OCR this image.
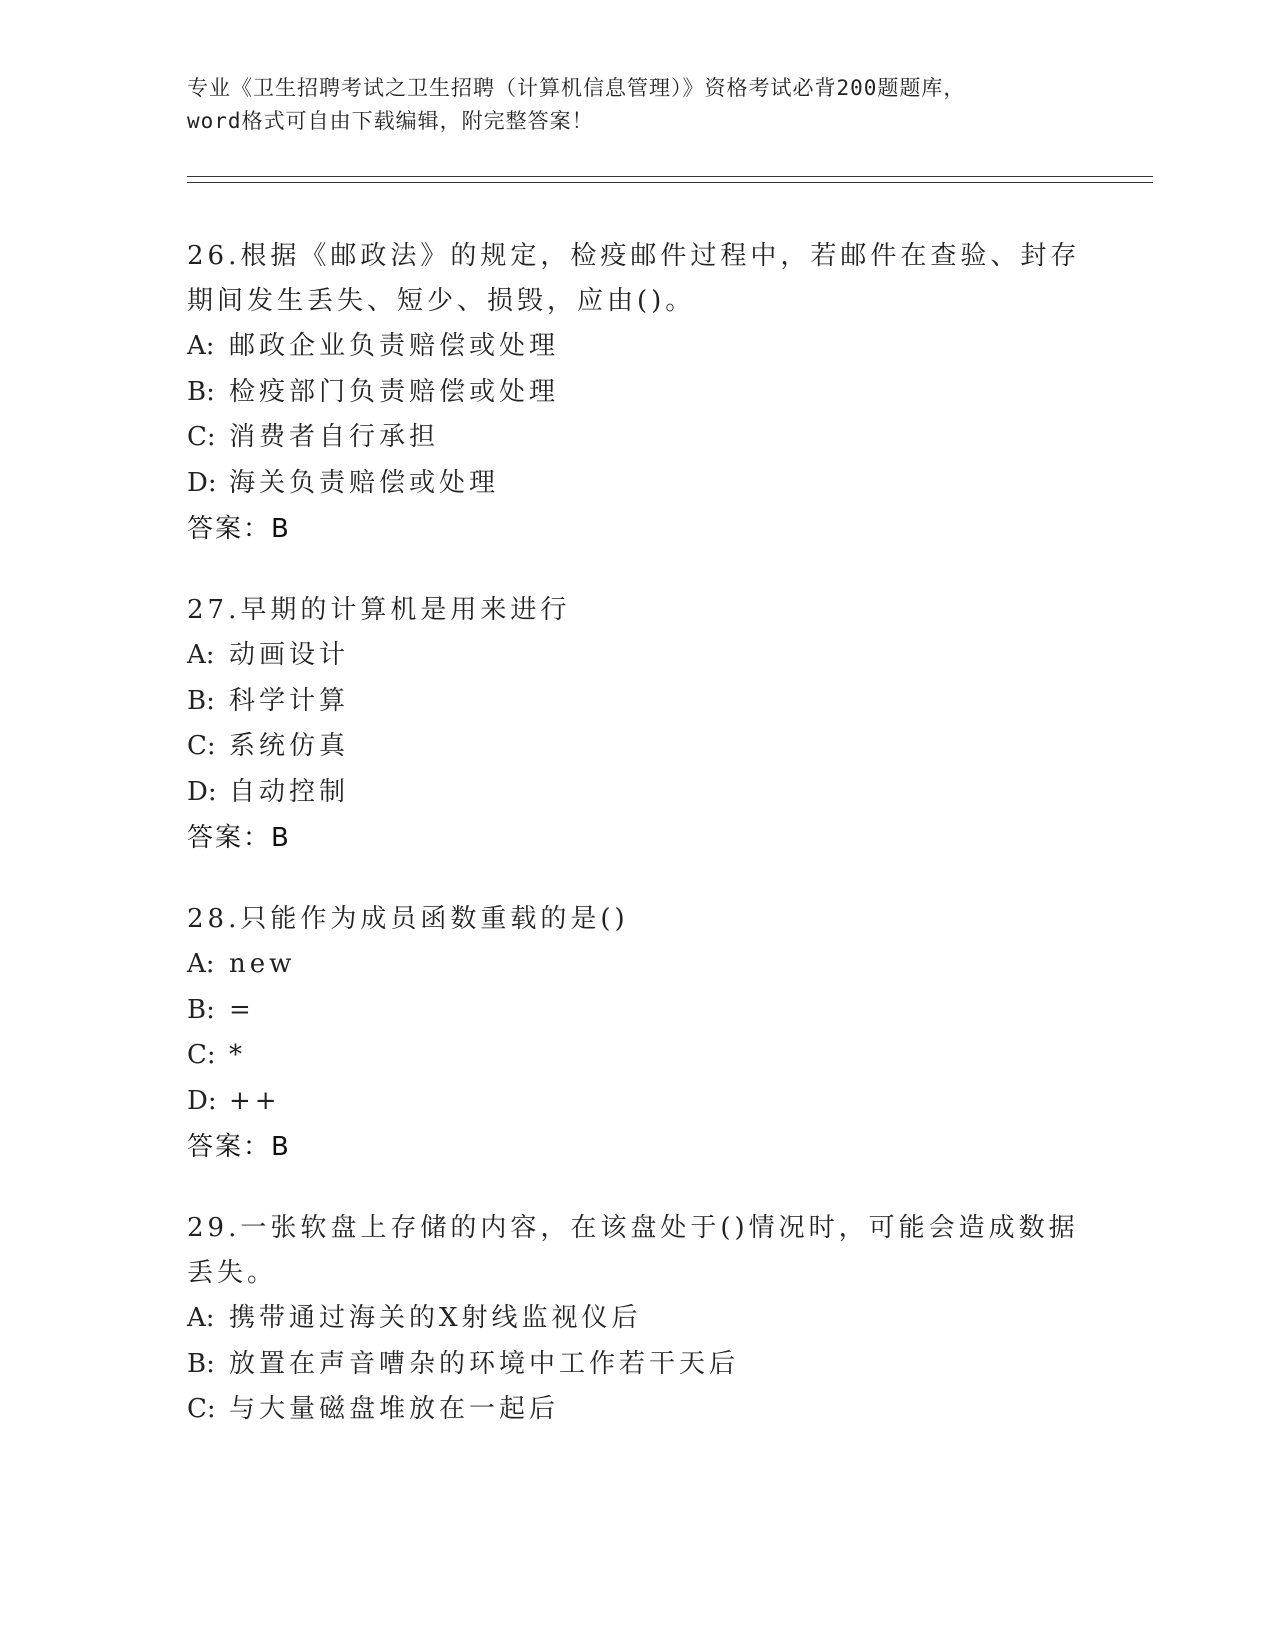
专业《卫生招聘考试之卫生招聘（计算机信息管理）》资格考试必背200题题库，
word格式可自由下载编辑，附完整答案！
26.根据《邮政法》的规定，检疫邮件过程中，若邮件在查验、封存期间发生丢失、短少、损毁，应由()。
A: 邮政企业负责赔偿或处理
B: 检疫部门负责赔偿或处理
C: 消费者自行承担
D: 海关负责赔偿或处理
答案：B
27.早期的计算机是用来进行
A: 动画设计
B: 科学计算
C: 系统仿真
D: 自动控制
答案：B
28.只能作为成员函数重载的是()
A: new
B: =
C: *
D: ++
答案：B
29.一张软盘上存储的内容，在该盘处于()情况时，可能会造成数据丢失。
A: 携带通过海关的X射线监视仪后
B: 放置在声音嘈杂的环境中工作若干天后
C: 与大量磁盘堆放在一起后
